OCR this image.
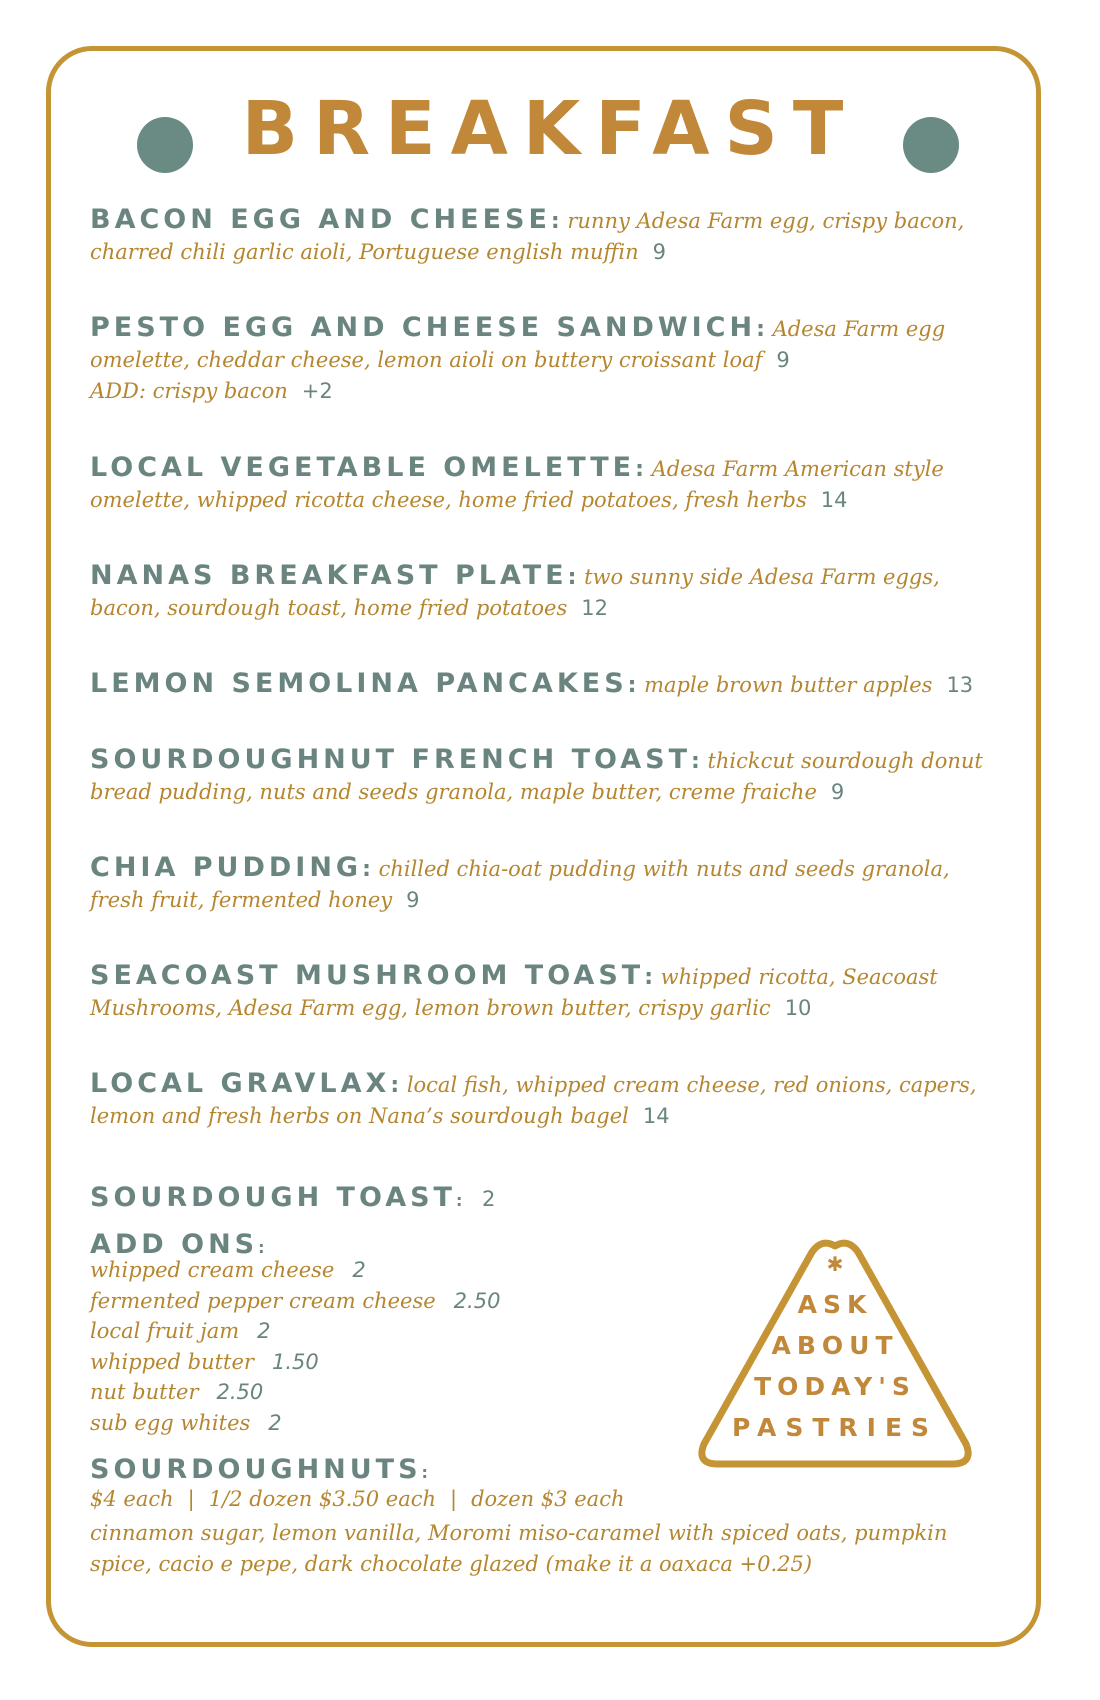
BREAKFAST

BACON EGG AND CHEESE: runny Adesa Farm egg, crispy bacon,

charred chili garlic aioli, Portuguese english muffin 9

PESTO EGG AND CHEESE SANDWICH: Adesa Farm egg

omelette, cheddar cheese, lemon aioli on buttery croissant loaf 9

ADD: crispy bacon +2

LOCAL VEGETABLE OMELETTE: Adesa Farm American style

omelette, whipped ricotta cheese, home fried potatoes, fresh herbs 14

NANAS BREAKFAST PLATE: two sunny side Adesa Farm eggs,

bacon, sourdough toast, home fried potatoes 12

LEMON SEMOLINA PANCAKES: maple brown butter apples 13

SOURDOUGHNUT FRENCH TOAST: thickcut sourdough donut

bread pudding, nuts and seeds granola, maple butter, creme fraiche 9

CHIA PUDDING: chilled chia-oat pudding with nuts and seeds granola,

fresh fruit, fermented honey 9

SEACOAST MUSHROOM TOAST: whipped ricotta, Seacoast

Mushrooms, Adesa Farm egg, lemon brown butter, crispy garlic 10

LOCAL GRAVLAX: local fish, whipped cream cheese, red onions, capers,

lemon and fresh herbs on Nana’s sourdough bagel 14

SOURDOUGH TOAST: 2
ADD ONS:
whipped cream cheese 2
fermented pepper cream cheese 2.50
local fruit jam 2
whipped butter 1.50
nut butter 2.50
sub egg whites 2
SOURDOUGHNUTS:
$4 each | 1/2 dozen $3.50 each | dozen $3 each
cinnamon sugar, lemon vanilla, Moromi miso-caramel with spiced oats, pumpkin
spice, cacio e pepe, dark chocolate glazed (make it a oaxaca +0.25)
✱
ASK
ABOUT
TODAY'S
PASTRIES
